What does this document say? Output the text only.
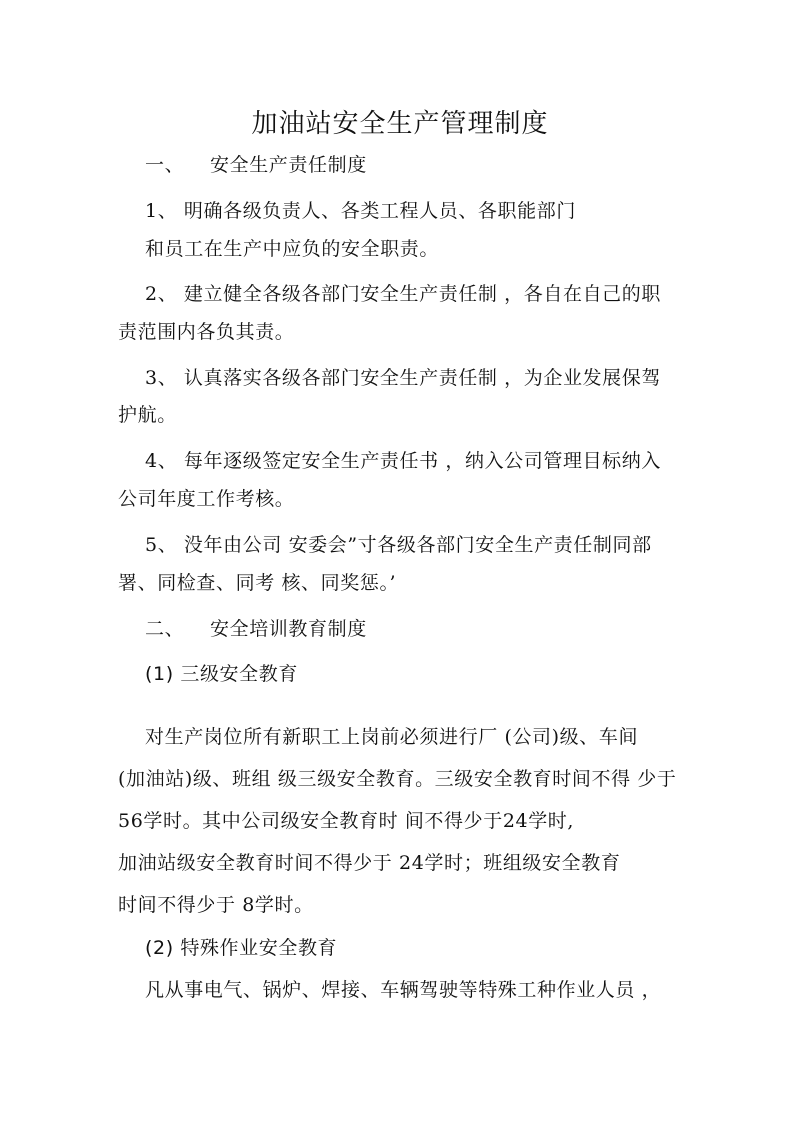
加油站安全生产管理制度
一、 安全生产责任制度
1、 明确各级负责人、各类工程人员、各职能部门
和员工在生产中应负的安全职责。
2、 建立健全各级各部门安全生产责任制 ，各自在自己的职
责范围内各负其责。
3、 认真落实各级各部门安全生产责任制 ，为企业发展保驾
护航。
4、 每年逐级签定安全生产责任书 ，纳入公司管理目标纳入
公司年度工作考核。
5、 没年由公司 安委会”寸各级各部门安全生产责任制同部
署、同检查、同考 核、同奖惩。’
二、 安全培训教育制度
(1) 三级安全教育
对生产岗位所有新职工上岗前必须进行厂 (公司)级、车间
(加油站)级、班组 级三级安全教育。三级安全教育时间不得 少于
56学时。其中公司级安全教育时 间不得少于24学时,
加油站级安全教育时间不得少于 24学时；班组级安全教育
时间不得少于 8学时。
(2) 特殊作业安全教育
凡从事电气、锅炉、焊接、车辆驾驶等特殊工种作业人员 ，
